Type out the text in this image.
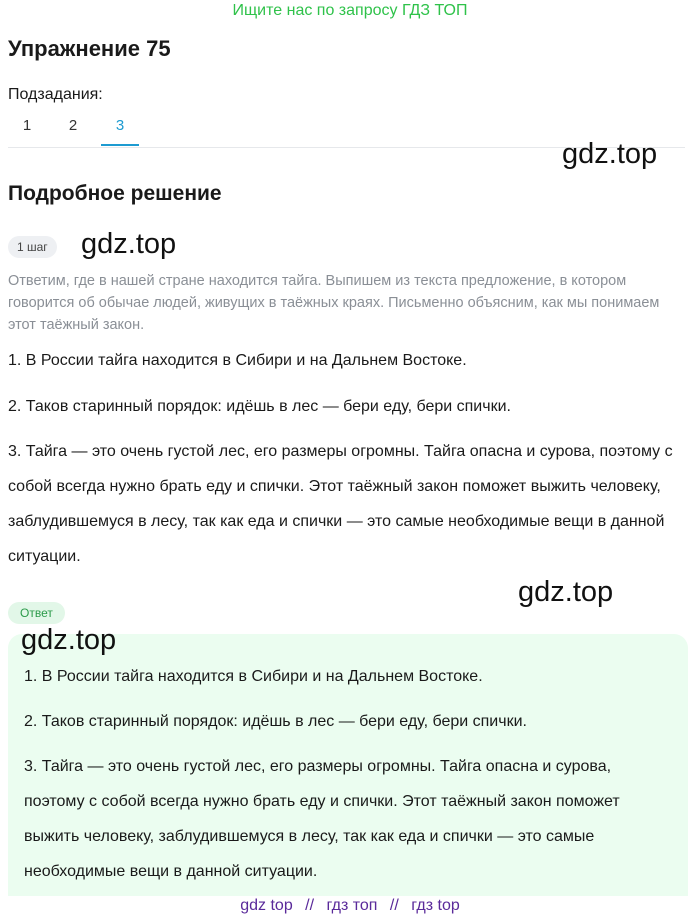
Ищите нас по запросу ГДЗ ТОП
Упражнение 75
Подзадания:
1	2	3
gdz.top
Подробное решение
1 шаг	gdz.top
Ответим, где в нашей стране находится тайга. Выпишем из текста предложение, в котором говорится об обычае людей, живущих в таёжных краях. Письменно объясним, как мы понимаем этот таёжный закон.

1. В России тайга находится в Сибири и на Дальнем Востоке.

2. Таков старинный порядок: идёшь в лес — бери еду, бери спички.

3. Тайга — это очень густой лес, его размеры огромны. Тайга опасна и сурова, поэтому с собой всегда нужно брать еду и спички. Этот таёжный закон поможет выжить человеку, заблудившемуся в лесу, так как еда и спички — это самые необходимые вещи в данной ситуации.

gdz.top
Ответ
gdz.top

1. В России тайга находится в Сибири и на Дальнем Востоке.

2. Таков старинный порядок: идёшь в лес — бери еду, бери спички.

3. Тайга — это очень густой лес, его размеры огромны. Тайга опасна и сурова, поэтому с собой всегда нужно брать еду и спички. Этот таёжный закон поможет выжить человеку, заблудившемуся в лесу, так как еда и спички — это самые необходимые вещи в данной ситуации.

gdz top // гдз топ // гдз top
